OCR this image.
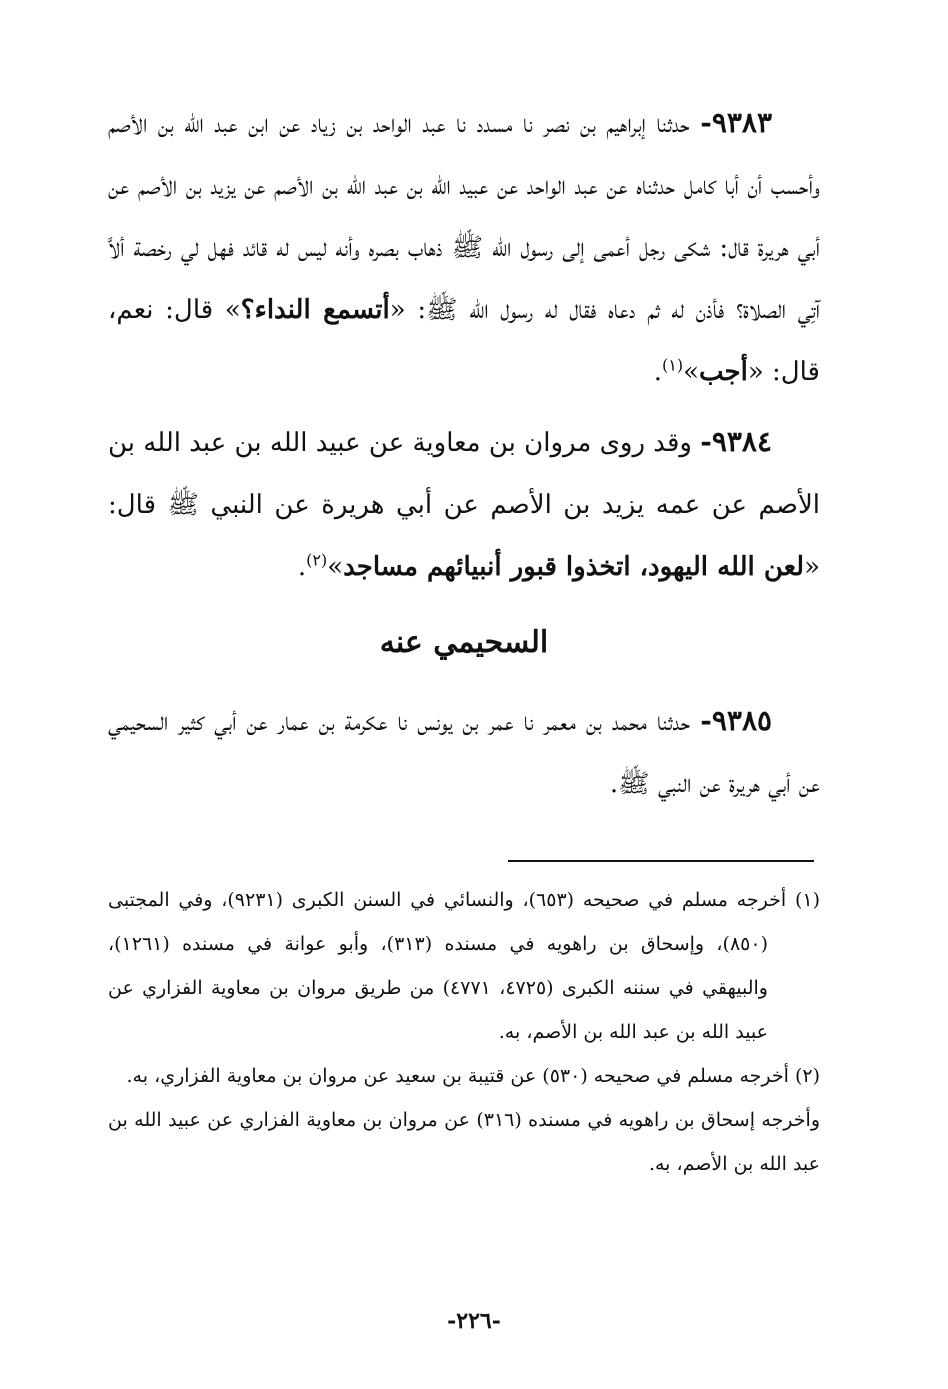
٩٣٨٣- حدثنا إبراهيم بن نصر نا مسدد نا عبد الواحد بن زياد عن ابن عبد الله بن الأصم وأحسب أن أبا كامل حدثناه عن عبد الواحد عن عبيد الله بن عبد الله بن الأصم عن يزيد بن الأصم عن أبي هريرة قال: شكى رجل أعمى إلى رسول الله ﷺ ذهاب بصره وأنه ليس له قائد فهل لي رخصة ألاَّ آتِي الصلاة؟ فأذن له ثم دعاه فقال له رسول الله ﷺ: «أتسمع النداء؟» قال: نعم، قال: «أجب»$^{(١)}$.

٩٣٨٤- وقد روى مروان بن معاوية عن عبيد الله بن عبد الله بن الأصم عن عمه يزيد بن الأصم عن أبي هريرة عن النبي ﷺ قال: «لعن الله اليهود، اتخذوا قبور أنبيائهم مساجد»$^{(٢)}$.

السحيمي عنه

٩٣٨٥- حدثنا محمد بن معمر نا عمر بن يونس نا عكرمة بن عمار عن أبي كثير السحيمي عن أبي هريرة عن النبي ﷺ.

(١) أخرجه مسلم في صحيحه (٦٥٣)، والنسائي في السنن الكبرى (٩٢٣١)، وفي المجتبى (٨٥٠)، وإسحاق بن راهويه في مسنده (٣١٣)، وأبو عوانة في مسنده (١٢٦١)، والبيهقي في سننه الكبرى (٤٧٢٥، ٤٧٧١) من طريق مروان بن معاوية الفزاري عن عبيد الله بن عبد الله بن الأصم، به.

(٢) أخرجه مسلم في صحيحه (٥٣٠) عن قتيبة بن سعيد عن مروان بن معاوية الفزاري، به.

وأخرجه إسحاق بن راهويه في مسنده (٣١٦) عن مروان بن معاوية الفزاري عن عبيد الله بن عبد الله بن الأصم، به.

-٢٢٦-
